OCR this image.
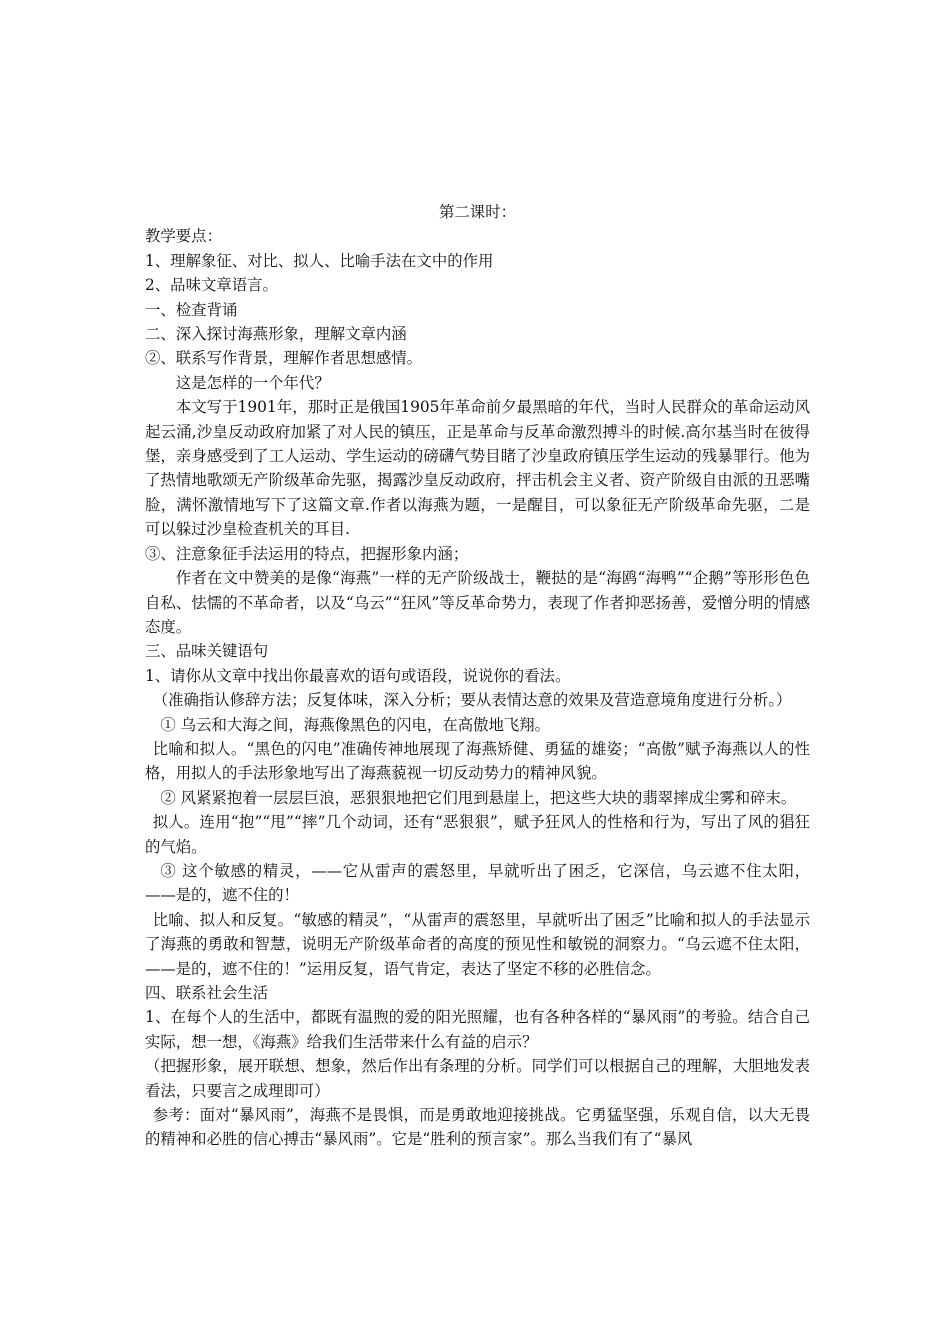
第二课时：

教学要点：

1、理解象征、对比、拟人、比喻手法在文中的作用

2、品味文章语言。

一、检查背诵

二、深入探讨海燕形象，理解文章内涵

②、联系写作背景，理解作者思想感情。

这是怎样的一个年代？

本文写于1901年，那时正是俄国1905年革命前夕最黑暗的年代，当时人民群众的革命运动风起云涌,沙皇反动政府加紧了对人民的镇压，正是革命与反革命激烈搏斗的时候.高尔基当时在彼得堡，亲身感受到了工人运动、学生运动的磅礴气势目睹了沙皇政府镇压学生运动的残暴罪行。他为了热情地歌颂无产阶级革命先驱，揭露沙皇反动政府，抨击机会主义者、资产阶级自由派的丑恶嘴脸，满怀激情地写下了这篇文章.作者以海燕为题，一是醒目，可以象征无产阶级革命先驱，二是可以躲过沙皇检查机关的耳目.

③、注意象征手法运用的特点，把握形象内涵；

作者在文中赞美的是像“海燕”一样的无产阶级战士，鞭挞的是“海鸥“海鸭”“企鹅”等形形色色自私、怯懦的不革命者，以及“乌云”“狂风”等反革命势力，表现了作者抑恶扬善，爱憎分明的情感态度。

三、品味关键语句

1、请你从文章中找出你最喜欢的语句或语段，说说你的看法。

（准确指认修辞方法；反复体味，深入分析；要从表情达意的效果及营造意境角度进行分析。）

① 乌云和大海之间，海燕像黑色的闪电，在高傲地飞翔。

比喻和拟人。“黑色的闪电”准确传神地展现了海燕矫健、勇猛的雄姿；“高傲”赋予海燕以人的性格，用拟人的手法形象地写出了海燕藐视一切反动势力的精神风貌。

② 风紧紧抱着一层层巨浪，恶狠狠地把它们甩到悬崖上，把这些大块的翡翠摔成尘雾和碎末。

拟人。连用“抱”“甩”“摔”几个动词，还有“恶狠狠”，赋予狂风人的性格和行为，写出了风的猖狂的气焰。

③ 这个敏感的精灵，——它从雷声的震怒里，早就听出了困乏，它深信，乌云遮不住太阳，——是的，遮不住的！

比喻、拟人和反复。“敏感的精灵”，“从雷声的震怒里，早就听出了困乏”比喻和拟人的手法显示了海燕的勇敢和智慧，说明无产阶级革命者的高度的预见性和敏锐的洞察力。“乌云遮不住太阳，——是的，遮不住的！”运用反复，语气肯定，表达了坚定不移的必胜信念。

四、联系社会生活

1、在每个人的生活中，都既有温煦的爱的阳光照耀，也有各种各样的“暴风雨”的考验。结合自己实际，想一想，《海燕》给我们生活带来什么有益的启示？

（把握形象，展开联想、想象，然后作出有条理的分析。同学们可以根据自己的理解，大胆地发表看法，只要言之成理即可）

参考：面对“暴风雨”，海燕不是畏惧，而是勇敢地迎接挑战。它勇猛坚强，乐观自信，以大无畏的精神和必胜的信心搏击“暴风雨”。它是“胜利的预言家”。那么当我们有了“暴风
